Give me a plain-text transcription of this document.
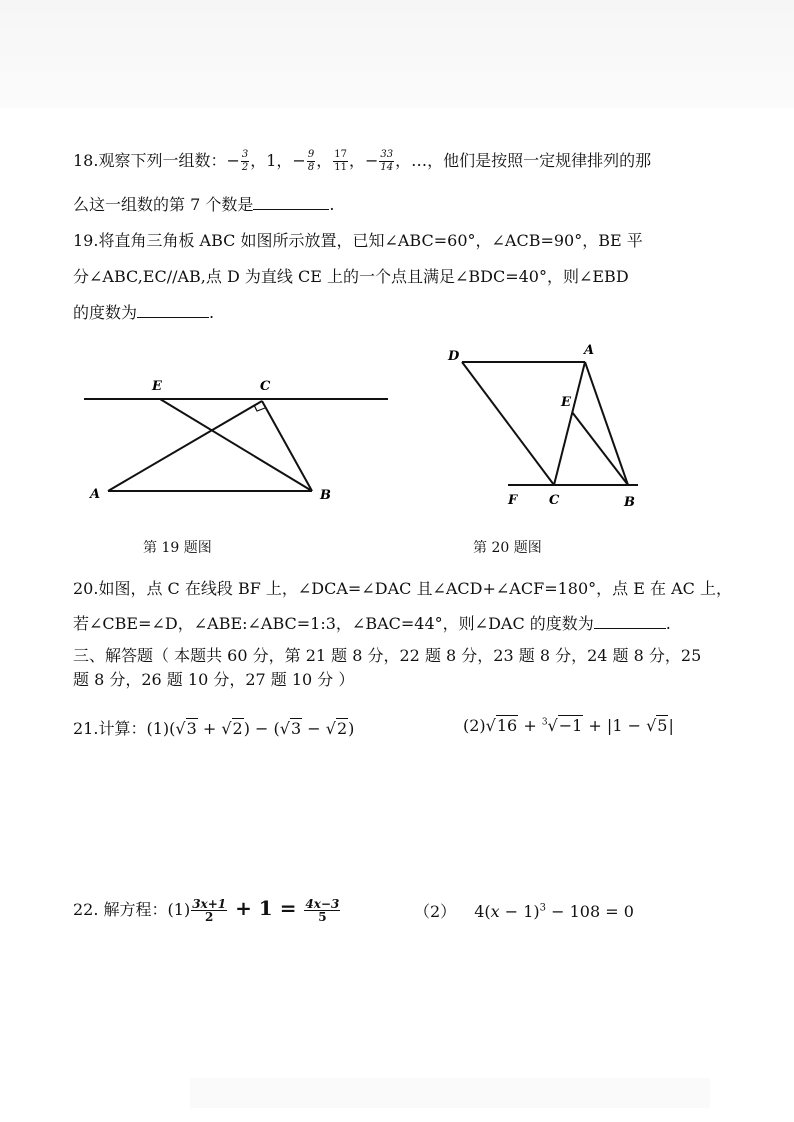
18.观察下列一组数：− $\frac{3}{2}$ ，1，− $\frac{9}{8}$ ， $\frac{17}{11}$ ，− $\frac{33}{14}$ ，…，他们是按照一定规律排列的那
么这一组数的第 7 个数是	.
19.将直角三角板 ABC 如图所示放置，已知∠ABC=60°，∠ACB=90°，BE 平
分∠ABC,EC//AB,点 D 为直线 CE 上的一个点且满足∠BDC=40°，则∠EBD
的度数为	.
E	C
A	B
第 19 题图
D	A
E
F C	B
第 20 题图
20.如图，点 C 在线段 BF 上，∠DCA=∠DAC 且∠ACD+∠ACF=180°，点 E 在 AC 上，
若∠CBE=∠D，∠ABE:∠ABC=1:3，∠BAC=44°，则∠DAC 的度数为	.
三、解答题（ 本题共 60 分，第 21 题 8 分，22 题 8 分，23 题 8 分，24 题 8 分，25
题 8 分，26 题 10 分，27 题 10 分 ）
21.计算：(1)(√3 + √2) − (√3 − √2)	(2)√16 + $^3$√−1 + |1 − √5|
22. 解方程：$(1) \frac{3x+1}{2} + 1 = \frac{4x-3}{5}$	（2） $4(x - 1)^3 - 108 = 0$
